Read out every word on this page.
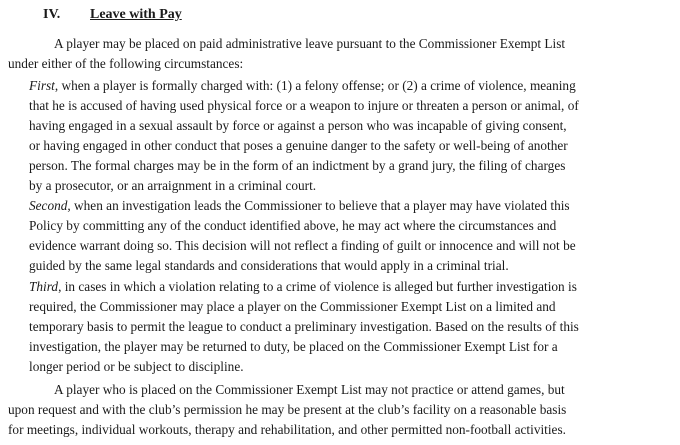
IV. Leave with Pay

A player may be placed on paid administrative leave pursuant to the Commissioner Exempt List
under either of the following circumstances:

First, when a player is formally charged with: (1) a felony offense; or (2) a crime of violence, meaning
that he is accused of having used physical force or a weapon to injure or threaten a person or animal, of
having engaged in a sexual assault by force or against a person who was incapable of giving consent,
or having engaged in other conduct that poses a genuine danger to the safety or well-being of another
person. The formal charges may be in the form of an indictment by a grand jury, the filing of charges
by a prosecutor, or an arraignment in a criminal court.

Second, when an investigation leads the Commissioner to believe that a player may have violated this
Policy by committing any of the conduct identified above, he may act where the circumstances and
evidence warrant doing so. This decision will not reflect a finding of guilt or innocence and will not be
guided by the same legal standards and considerations that would apply in a criminal trial.

Third, in cases in which a violation relating to a crime of violence is alleged but further investigation is
required, the Commissioner may place a player on the Commissioner Exempt List on a limited and
temporary basis to permit the league to conduct a preliminary investigation. Based on the results of this
investigation, the player may be returned to duty, be placed on the Commissioner Exempt List for a
longer period or be subject to discipline.

A player who is placed on the Commissioner Exempt List may not practice or attend games, but
upon request and with the club’s permission he may be present at the club’s facility on a reasonable basis
for meetings, individual workouts, therapy and rehabilitation, and other permitted non-football activities.
